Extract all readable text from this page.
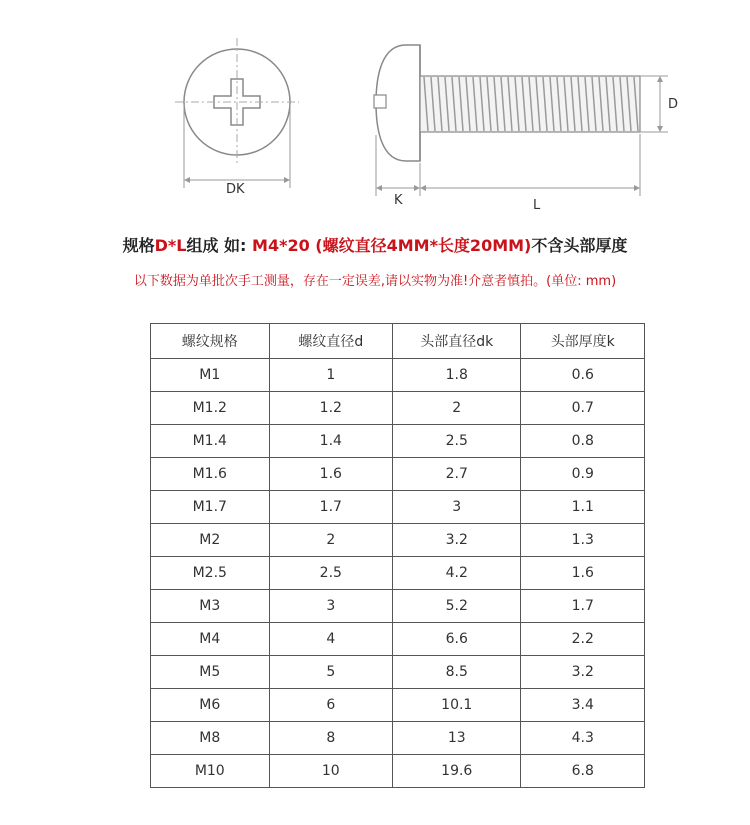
DK
K	L
D
规格D*L组成 如: M4*20 (螺纹直径4MM*长度20MM)不含头部厚度
以下数据为单批次手工测量，存在一定误差,请以实物为准!介意者慎拍。(单位: mm)
螺纹规格	螺纹直径d	头部直径dk	头部厚度k
M1	1	1.8	0.6
M1.2	1.2	2	0.7
M1.4	1.4	2.5	0.8
M1.6	1.6	2.7	0.9
M1.7	1.7	3	1.1
M2	2	3.2	1.3
M2.5	2.5	4.2	1.6
M3	3	5.2	1.7
M4	4	6.6	2.2
M5	5	8.5	3.2
M6	6	10.1	3.4
M8	8	13	4.3
M10	10	19.6	6.8
